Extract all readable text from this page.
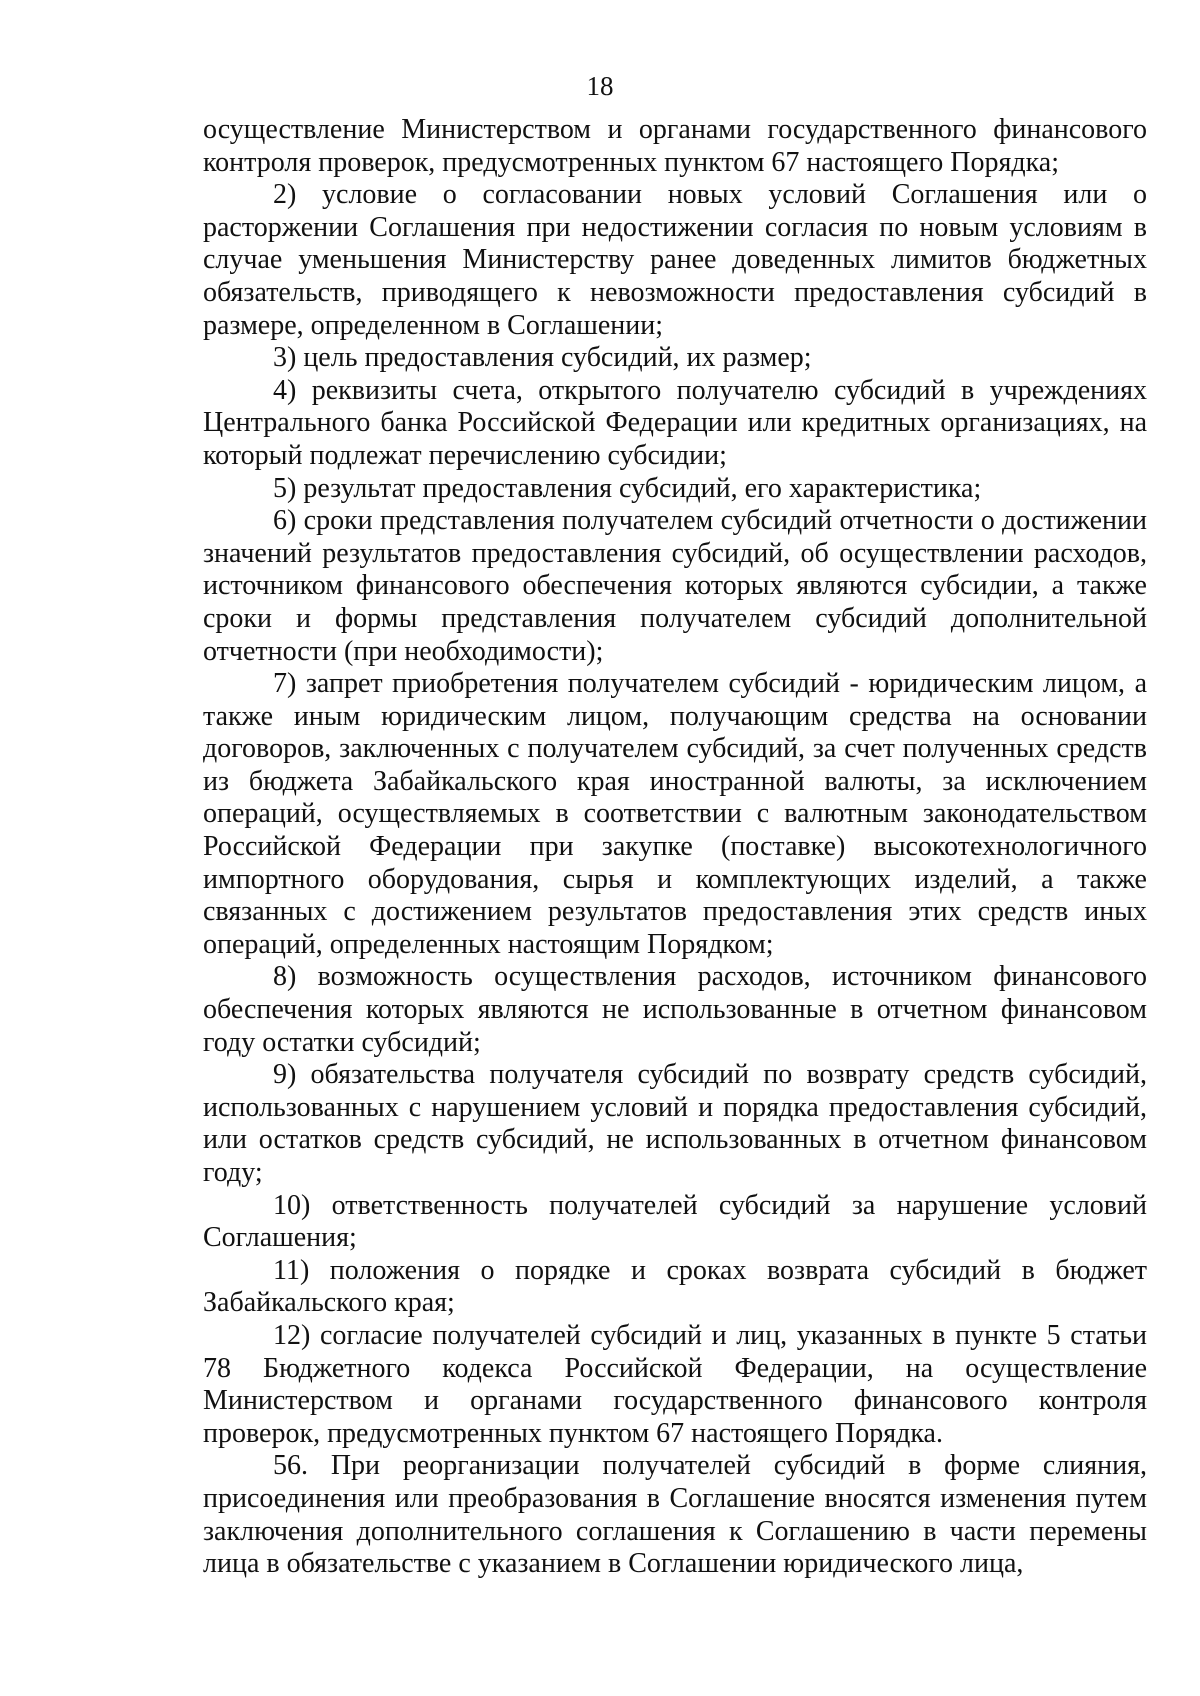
18

осуществление Министерством и органами государственного финансового контроля проверок, предусмотренных пунктом 67 настоящего Порядка;

2) условие о согласовании новых условий Соглашения или о расторжении Соглашения при недостижении согласия по новым условиям в случае уменьшения Министерству ранее доведенных лимитов бюджетных обязательств, приводящего к невозможности предоставления субсидий в размере, определенном в Соглашении;

3) цель предоставления субсидий, их размер;

4) реквизиты счета, открытого получателю субсидий в учреждениях Центрального банка Российской Федерации или кредитных организациях, на который подлежат перечислению субсидии;

5) результат предоставления субсидий, его характеристика;

6) сроки представления получателем субсидий отчетности о достижении значений результатов предоставления субсидий, об осуществлении расходов, источником финансового обеспечения которых являются субсидии, а также сроки и формы представления получателем субсидий дополнительной отчетности (при необходимости);

7) запрет приобретения получателем субсидий - юридическим лицом, а также иным юридическим лицом, получающим средства на основании договоров, заключенных с получателем субсидий, за счет полученных средств из бюджета Забайкальского края иностранной валюты, за исключением операций, осуществляемых в соответствии с валютным законодательством Российской Федерации при закупке (поставке) высокотехнологичного импортного оборудования, сырья и комплектующих изделий, а также связанных с достижением результатов предоставления этих средств иных операций, определенных настоящим Порядком;

8) возможность осуществления расходов, источником финансового обеспечения которых являются не использованные в отчетном финансовом году остатки субсидий;

9) обязательства получателя субсидий по возврату средств субсидий, использованных с нарушением условий и порядка предоставления субсидий, или остатков средств субсидий, не использованных в отчетном финансовом году;

10) ответственность получателей субсидий за нарушение условий Соглашения;

11) положения о порядке и сроках возврата субсидий в бюджет Забайкальского края;

12) согласие получателей субсидий и лиц, указанных в пункте 5 статьи 78 Бюджетного кодекса Российской Федерации, на осуществление Министерством и органами государственного финансового контроля проверок, предусмотренных пунктом 67 настоящего Порядка.

56. При реорганизации получателей субсидий в форме слияния, присоединения или преобразования в Соглашение вносятся изменения путем заключения дополнительного соглашения к Соглашению в части перемены лица в обязательстве с указанием в Соглашении юридического лица,
